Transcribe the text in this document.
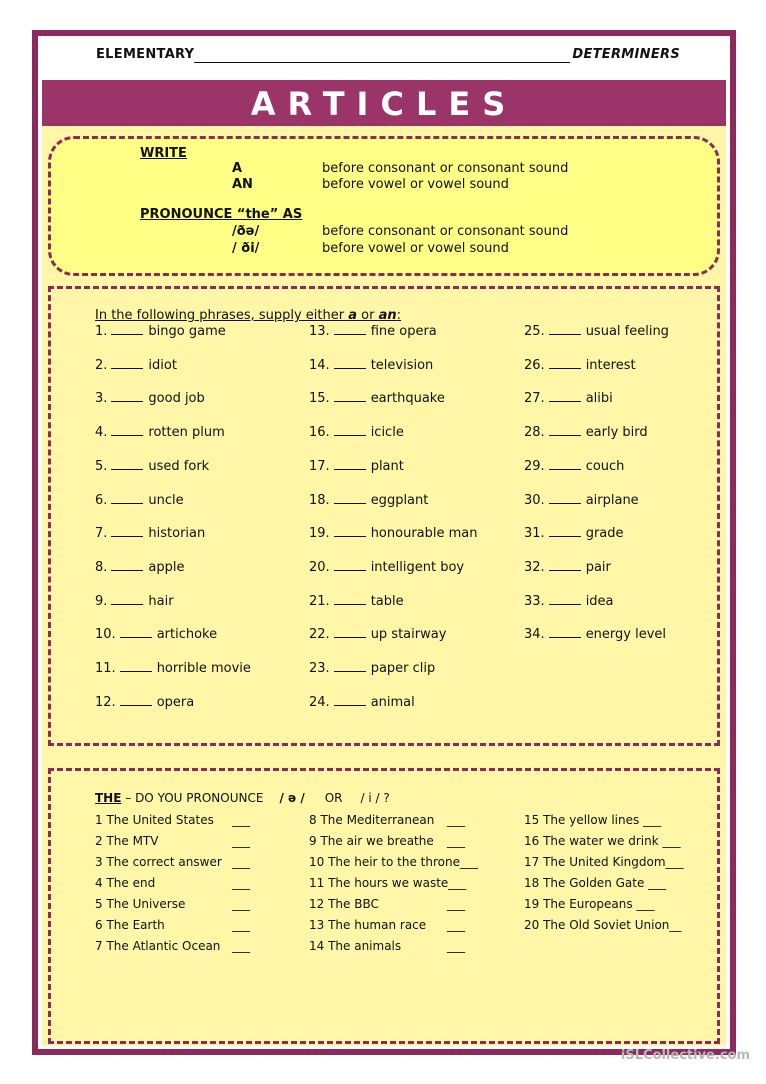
ELEMENTARY	DETERMINERS
ARTICLES
WRITE
A	before consonant or consonant sound
AN	before vowel or vowel sound
PRONOUNCE “the” AS
/ðə/	before consonant or consonant sound
/ ði/	before vowel or vowel sound
In the following phrases, supply either a or an:
1.	bingo game
2.	idiot
3.	good job
4.	rotten plum
5.	used fork
6.	uncle
7.	historian
8.	apple
9.	hair
10.	artichoke
11.	horrible movie
12.	opera
13.	fine opera
14.	television
15.	earthquake
16.	icicle
17.	plant
18.	eggplant
19.	honourable man
20.	intelligent boy
21.	table
22.	up stairway
23.	paper clip
24.	animal
25.	usual feeling
26.	interest
27.	alibi
28.	early bird
29.	couch
30.	airplane
31.	grade
32.	pair
33.	idea
34.	energy level
THE – DO YOU PRONOUNCE / ə / OR / i / ?
1 The United States ___
2 The MTV	___
3 The correct answer ___
4 The end	___
5 The Universe	___
6 The Earth	___
7 The Atlantic Ocean ___
8 The Mediterranean ___
9 The air we breathe ___
10 The heir to the throne___
11 The hours we waste___
12 The BBC	___
13 The human race ___
14 The animals	___
15 The yellow lines ___
16 The water we drink ___
17 The United Kingdom___
18 The Golden Gate ___
19 The Europeans ___
20 The Old Soviet Union__
iSLCollective.com
